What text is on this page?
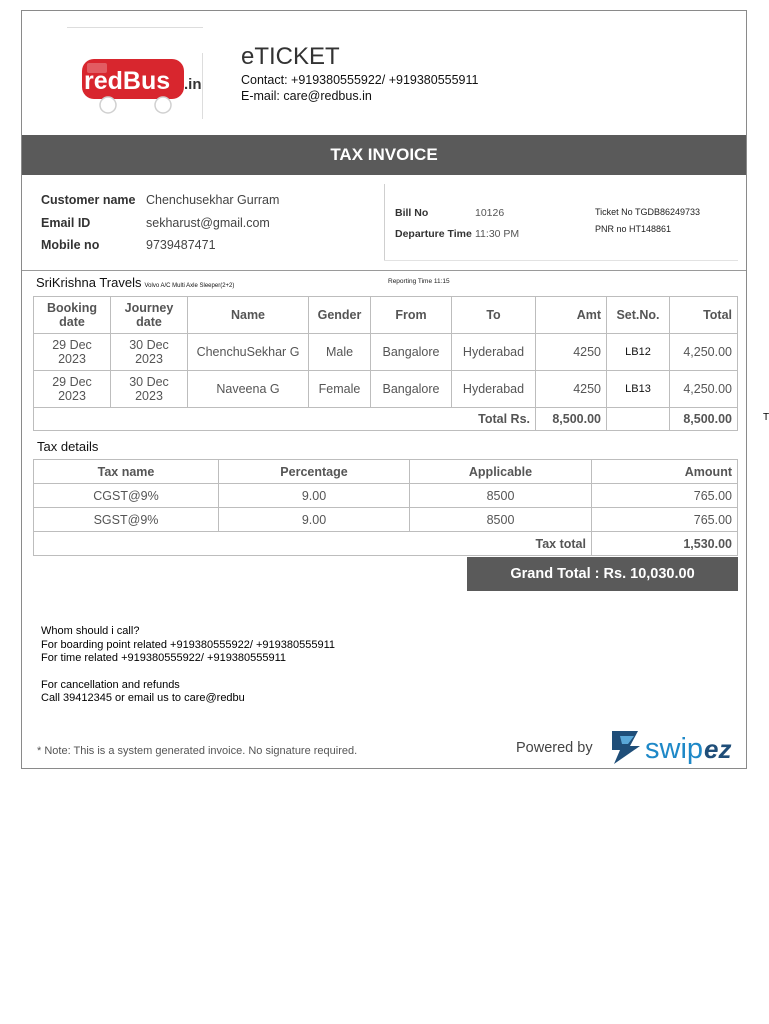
redBus .in
eTICKET
Contact: +919380555922/ +919380555911
E-mail: care@redbus.in
TAX INVOICE
Customer name Chenchusekhar Gurram
Email ID	sekharust@gmail.com
Mobile no	9739487471
Bill No	10126
Departure Time 11:30 PM
Ticket No TGDB86249733
PNR no HT148861
SriKrishna Travels Volvo A/C Multi Axle Sleeper(2+2)
Reporting Time 11:15
Booking date	Journey date	Name	Gender	From	To	Amt	Set.No.	Total
29 Dec 2023	30 Dec 2023	ChenchuSekhar G	Male	Bangalore	Hyderabad	4250	LB12	4,250.00
29 Dec 2023	30 Dec 2023	Naveena G	Female	Bangalore	Hyderabad	4250	LB13	4,250.00
Total Rs.						8,500.00		8,500.00
Tax details
Tax name	Percentage	Applicable	Amount
CGST@9%	9.00	8500	765.00
SGST@9%	9.00	8500	765.00
Tax total			1,530.00
Grand Total : Rs. 10,030.00
Whom should i call?
For boarding point related +919380555922/ +919380555911
For time related +919380555922/ +919380555911
For cancellation and refunds
Call 39412345 or email us to care@redbu
* Note: This is a system generated invoice. No signature required.	Powered by swip ez
T
